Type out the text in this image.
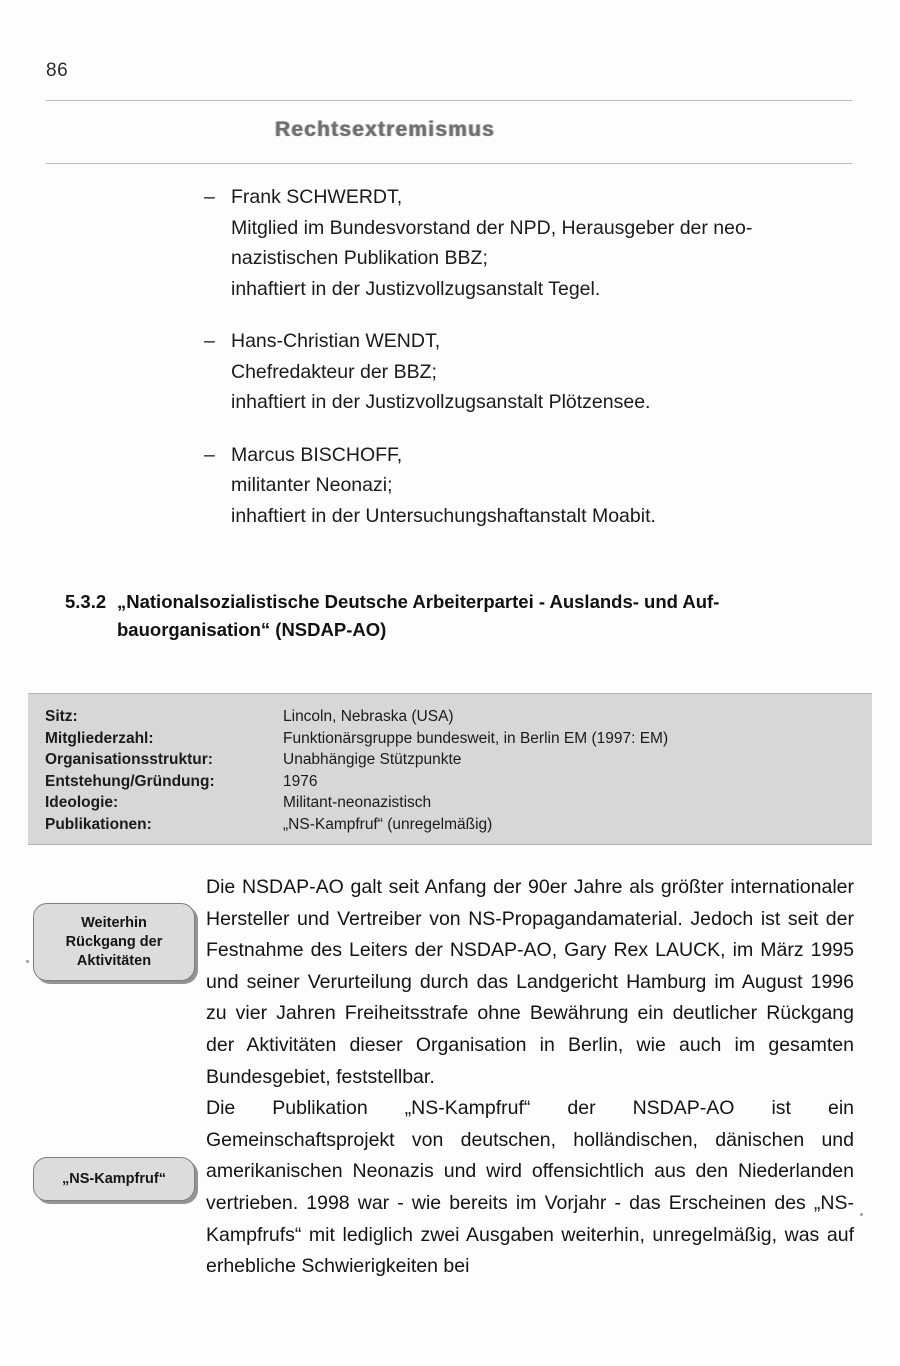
86
Rechtsextremismus
– Frank SCHWERDT,
Mitglied im Bundesvorstand der NPD, Herausgeber der neo-
nazistischen Publikation BBZ;
inhaftiert in der Justizvollzugsanstalt Tegel.
– Hans-Christian WENDT,
Chefredakteur der BBZ;
inhaftiert in der Justizvollzugsanstalt Plötzensee.
– Marcus BISCHOFF,
militanter Neonazi;
inhaftiert in der Untersuchungshaftanstalt Moabit.
5.3.2 „Nationalsozialistische Deutsche Arbeiterpartei - Auslands- und Auf-
bauorganisation“ (NSDAP-AO)
Sitz:	Lincoln, Nebraska (USA)
Mitgliederzahl:	Funktionärsgruppe bundesweit, in Berlin EM (1997: EM)
Organisationsstruktur:	Unabhängige Stützpunkte
Entstehung/Gründung:	1976
Ideologie:	Militant-neonazistisch
Publikationen:	„NS-Kampfruf“ (unregelmäßig)
Weiterhin
Rückgang der
Aktivitäten
„NS-Kampfruf“

Die NSDAP-AO galt seit Anfang der 90er Jahre als größter internationaler Hersteller und Vertreiber von NS-Propagandamaterial. Jedoch ist seit der Festnahme des Leiters der NSDAP-AO, Gary Rex LAUCK, im März 1995 und seiner Verurteilung durch das Landgericht Hamburg im August 1996 zu vier Jahren Freiheitsstrafe ohne Bewährung ein deutlicher Rückgang der Aktivitäten dieser Organisation in Berlin, wie auch im gesamten Bundesgebiet, feststellbar.

Die Publikation „NS-Kampfruf“ der NSDAP-AO ist ein Gemeinschaftsprojekt von deutschen, holländischen, dänischen und amerikanischen Neonazis und wird offensichtlich aus den Niederlanden vertrieben. 1998 war - wie bereits im Vorjahr - das Erscheinen des „NS-Kampfrufs“ mit lediglich zwei Ausgaben weiterhin, unregelmäßig, was auf erhebliche Schwierigkeiten bei
